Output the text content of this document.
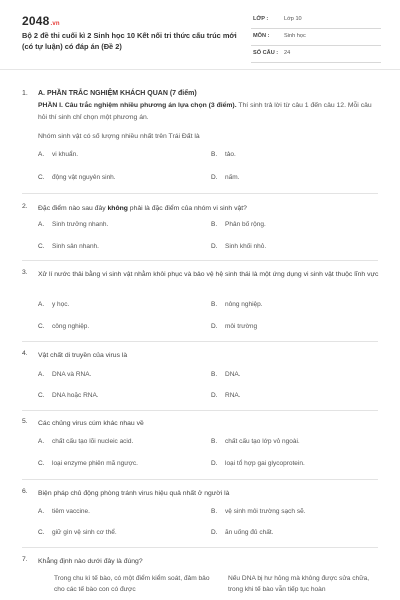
2048.vn
Bộ 2 đề thi cuối kì 2 Sinh học 10 Kết nối tri thức cấu trúc mới (có tự luận) có đáp án (Đề 2)
LỚP :	Lớp 10
MÔN :	Sinh học
SỐ CÂU : 24
1. A. PHẦN TRẮC NGHIỆM KHÁCH QUAN (7 điểm)
PHẦN I. Câu trắc nghiệm nhiều phương án lựa chọn (3 điểm). Thí sinh trả lời từ câu 1 đến câu 12. Mỗi câu hỏi thí sinh chỉ chọn một phương án.
Nhóm sinh vật có số lượng nhiều nhất trên Trái Đất là
A. vi khuẩn.	B. tảo.
C. động vật nguyên sinh.	D. nấm.
2. Đặc điểm nào sau đây không phải là đặc điểm của nhóm vi sinh vật?
A. Sinh trưởng nhanh.	B. Phân bố rộng.
C. Sinh sản nhanh.	D. Sinh khối nhỏ.
3. Xử lí nước thải bằng vi sinh vật nhằm khôi phục và bảo vệ hệ sinh thái là một ứng dụng vi sinh vật thuộc lĩnh vực
A. y học.	B. nông nghiệp.
C. công nghiệp.	D. môi trường
4. Vật chất di truyền của virus là
A. DNA và RNA.	B. DNA.
C. DNA hoặc RNA.	D. RNA.
5. Các chủng virus cúm khác nhau về
A. chất cấu tạo lõi nucleic acid.	B. chất cấu tạo lớp vỏ ngoài.
C. loại enzyme phiên mã ngược.	D. loại tổ hợp gai glycoprotein.
6. Biện pháp chủ động phòng tránh virus hiệu quả nhất ở người là
A. tiêm vaccine.	B. vệ sinh môi trường sạch sẽ.
C. giữ gìn vệ sinh cơ thể.	D. ăn uống đủ chất.
7. Khẳng định nào dưới đây là đúng?
Trong chu kì tế bào, có một điểm kiểm soát, đảm bảo cho các tế bào con có được
Nếu DNA bị hư hỏng mà không được sửa chữa, trong khi tế bào vẫn tiếp tục hoàn
